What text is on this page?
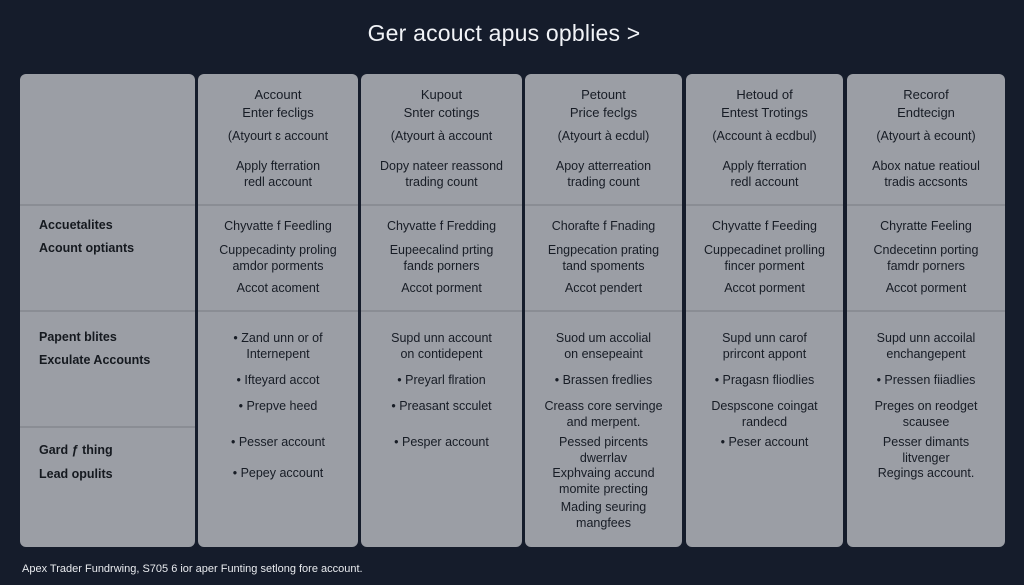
Ger acouct apus opblies >
Accuetalites
Acount optiants
Papent blites
Exculate Accounts
Gard ƒ thing
Lead opulits
Account
Enter fecligs
(Atyourt ɛ account
Apply fterration
redl account
Chyvatte f Feedling
Cuppecadinty proling
amdor porments
Accot acoment
• Zand unn or of
Internepent
• Ifteyard accot
• Prepve heed
• Pesser account
• Pepey account
Kupout
Snter cotings
(Atyourt à account
Dopy nateer reassond
trading count
Chyvatte f Fredding
Eupeecalind prting
fandɛ porners
Accot porment
Supd unn account
on contidepent
• Preyarl flration
• Preasant scculet
• Pesper account
Petount
Price feclgs
(Atyourt à ecdul)
Apoy atterreation
trading count
Chorafte f Fnading
Engpecation prating
tand spoments
Accot pendert
Suod um accolial
on ensepeaint
• Brassen fredlies
Creass core servinge
and merpent.
Pessed pircents
dwerrlav
Exphvaing accund
momite precting
Mading seuring
mangfees
Hetoud of
Entest Trotings
(Account à ecdbul)
Apply fterration
redl account
Chyvatte f Feeding
Cuppecadinet prolling
fincer porment
Accot porment
Supd unn carof
prircont appont
• Pragasn fliodlies
Despscone coingat
randecd
• Peser account
Recorof
Endtecign
(Atyourt à ecount)
Abox natue reatioul
tradis accsonts
Chyratte Feeling
Cndecetinn porting
famdr porners
Accot porment
Supd unn accoilal
enchangepent
• Pressen fiiadlies
Preges on reodget
scausee
Pesser dimants
litvenger
Regings account.
Apex Trader Fundrwing, S705 6 ior aper Funting setlong fore account.
